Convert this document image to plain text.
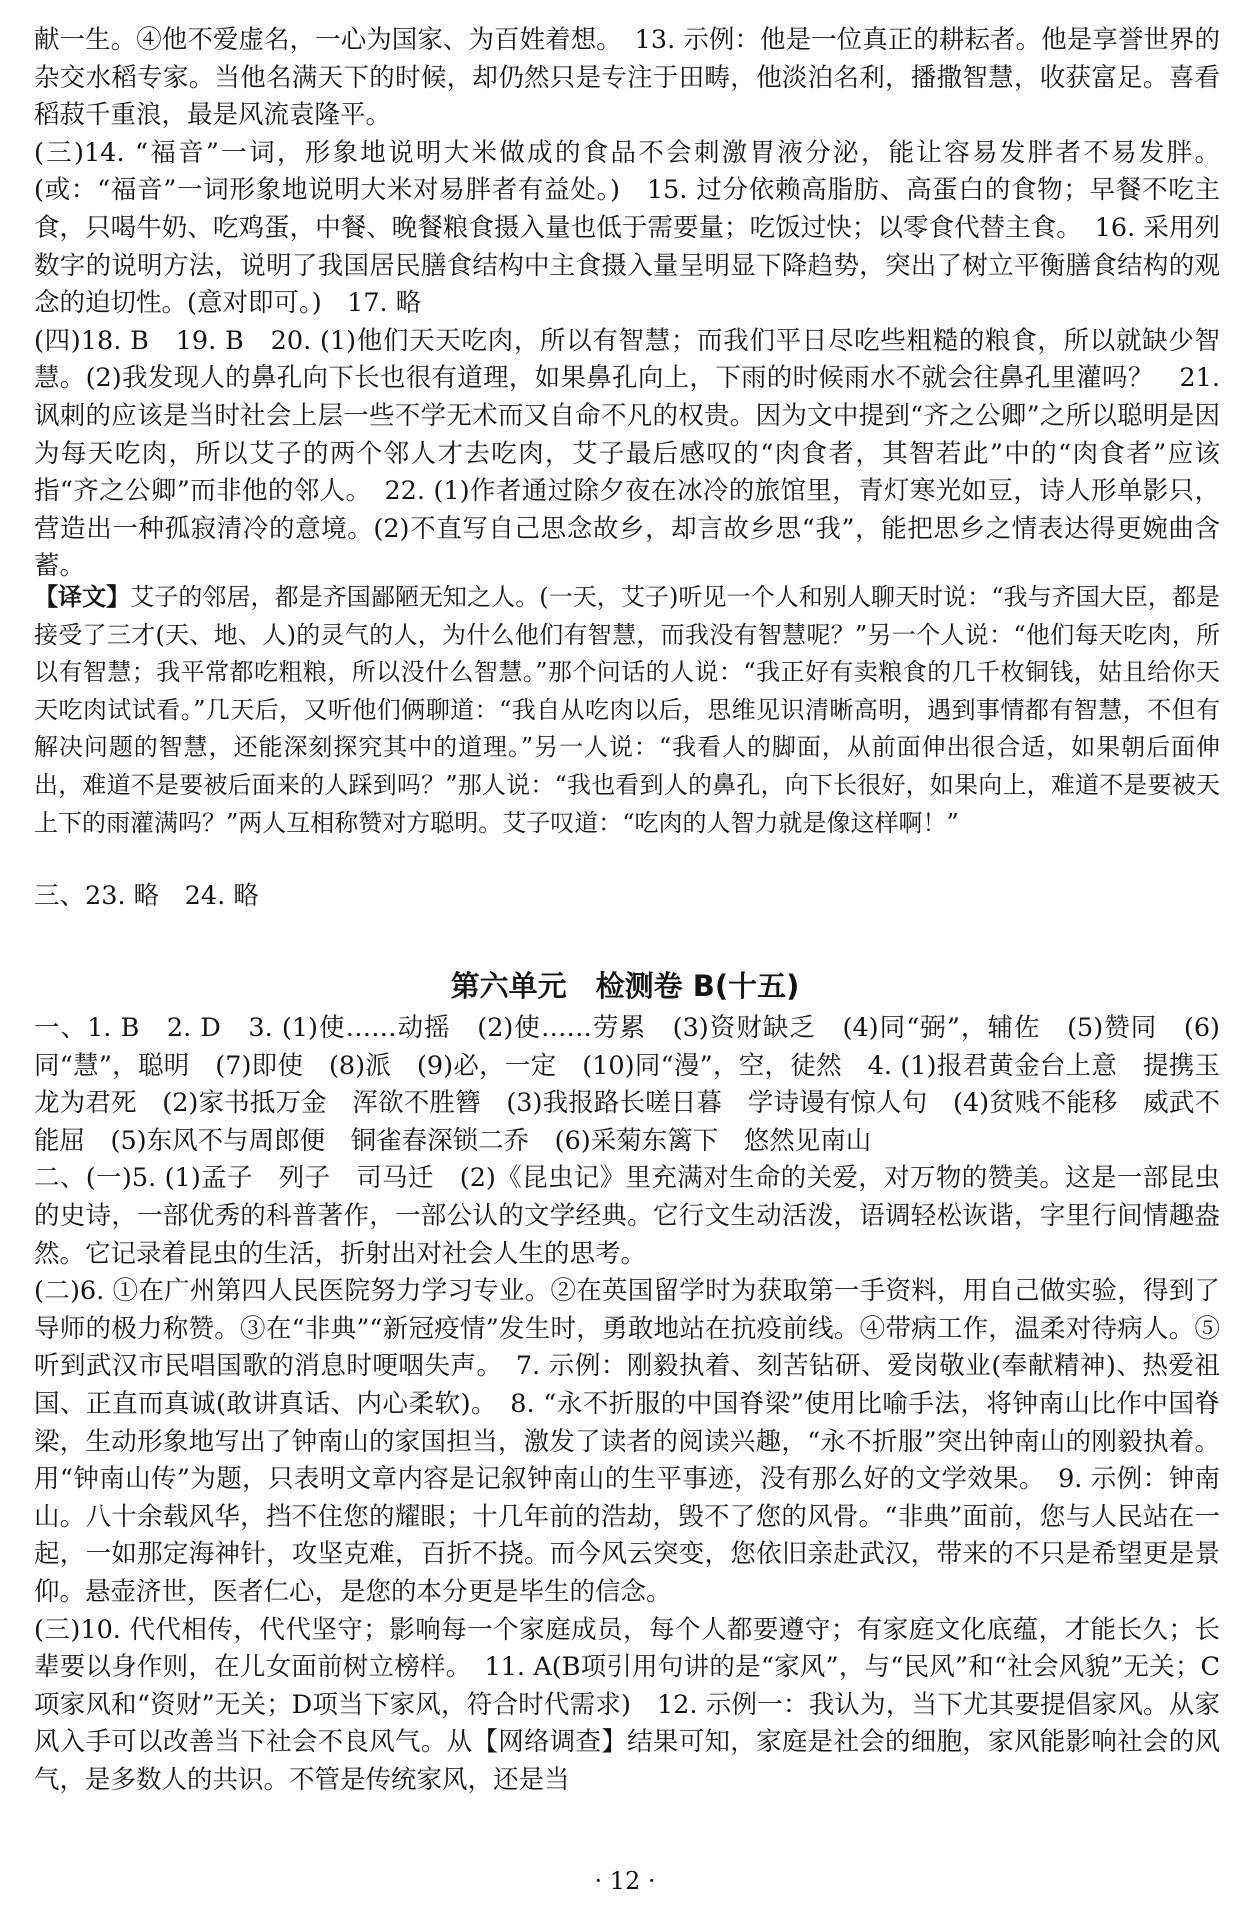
献一生。④他不爱虚名，一心为国家、为百姓着想。　13. 示例：他是一位真正的耕耘者。他是享誉世界的杂交水稻专家。当他名满天下的时候，却仍然只是专注于田畴，他淡泊名利，播撒智慧，收获富足。喜看稻菽千重浪，最是风流袁隆平。

(三)14. “福音”一词，形象地说明大米做成的食品不会刺激胃液分泌，能让容易发胖者不易发胖。(或：“福音”一词形象地说明大米对易胖者有益处。)　15. 过分依赖高脂肪、高蛋白的食物；早餐不吃主食，只喝牛奶、吃鸡蛋，中餐、晚餐粮食摄入量也低于需要量；吃饭过快；以零食代替主食。　16. 采用列数字的说明方法，说明了我国居民膳食结构中主食摄入量呈明显下降趋势，突出了树立平衡膳食结构的观念的迫切性。(意对即可。)　17. 略

(四)18. B　19. B　20. (1)他们天天吃肉，所以有智慧；而我们平日尽吃些粗糙的粮食，所以就缺少智慧。(2)我发现人的鼻孔向下长也很有道理，如果鼻孔向上，下雨的时候雨水不就会往鼻孔里灌吗？　21. 讽刺的应该是当时社会上层一些不学无术而又自命不凡的权贵。因为文中提到“齐之公卿”之所以聪明是因为每天吃肉，所以艾子的两个邻人才去吃肉，艾子最后感叹的“肉食者，其智若此”中的“肉食者”应该指“齐之公卿”而非他的邻人。　22. (1)作者通过除夕夜在冰冷的旅馆里，青灯寒光如豆，诗人形单影只，营造出一种孤寂清冷的意境。(2)不直写自己思念故乡，却言故乡思“我”，能把思乡之情表达得更婉曲含蓄。

【译文】艾子的邻居，都是齐国鄙陋无知之人。(一天，艾子)听见一个人和别人聊天时说：“我与齐国大臣，都是接受了三才(天、地、人)的灵气的人，为什么他们有智慧，而我没有智慧呢？”另一个人说：“他们每天吃肉，所以有智慧；我平常都吃粗粮，所以没什么智慧。”那个问话的人说：“我正好有卖粮食的几千枚铜钱，姑且给你天天吃肉试试看。”几天后，又听他们俩聊道：“我自从吃肉以后，思维见识清晰高明，遇到事情都有智慧，不但有解决问题的智慧，还能深刻探究其中的道理。”另一人说：“我看人的脚面，从前面伸出很合适，如果朝后面伸出，难道不是要被后面来的人踩到吗？”那人说：“我也看到人的鼻孔，向下长很好，如果向上，难道不是要被天上下的雨灌满吗？”两人互相称赞对方聪明。艾子叹道：“吃肉的人智力就是像这样啊！”

三、23. 略　24. 略

第六单元　检测卷 B(十五)

一、1. B　2. D　3. (1)使……动摇　(2)使……劳累　(3)资财缺乏　(4)同“弼”，辅佐　(5)赞同　(6)同“慧”，聪明　(7)即使　(8)派　(9)必，一定　(10)同“漫”，空，徒然　4. (1)报君黄金台上意　提携玉龙为君死　(2)家书抵万金　浑欲不胜簪　(3)我报路长嗟日暮　学诗谩有惊人句　(4)贫贱不能移　威武不能屈　(5)东风不与周郎便　铜雀春深锁二乔　(6)采菊东篱下　悠然见南山

二、(一)5. (1)孟子　列子　司马迁　(2)《昆虫记》里充满对生命的关爱，对万物的赞美。这是一部昆虫的史诗，一部优秀的科普著作，一部公认的文学经典。它行文生动活泼，语调轻松诙谐，字里行间情趣盎然。它记录着昆虫的生活，折射出对社会人生的思考。

(二)6. ①在广州第四人民医院努力学习专业。②在英国留学时为获取第一手资料，用自己做实验，得到了导师的极力称赞。③在“非典”“新冠疫情”发生时，勇敢地站在抗疫前线。④带病工作，温柔对待病人。⑤听到武汉市民唱国歌的消息时哽咽失声。　7. 示例：刚毅执着、刻苦钻研、爱岗敬业(奉献精神)、热爱祖国、正直而真诚(敢讲真话、内心柔软)。　8. “永不折服的中国脊梁”使用比喻手法，将钟南山比作中国脊梁，生动形象地写出了钟南山的家国担当，激发了读者的阅读兴趣，“永不折服”突出钟南山的刚毅执着。用“钟南山传”为题，只表明文章内容是记叙钟南山的生平事迹，没有那么好的文学效果。　9. 示例：钟南山。八十余载风华，挡不住您的耀眼；十几年前的浩劫，毁不了您的风骨。“非典”面前，您与人民站在一起，一如那定海神针，攻坚克难，百折不挠。而今风云突变，您依旧亲赴武汉，带来的不只是希望更是景仰。悬壶济世，医者仁心，是您的本分更是毕生的信念。

(三)10. 代代相传，代代坚守；影响每一个家庭成员，每个人都要遵守；有家庭文化底蕴，才能长久；长辈要以身作则，在儿女面前树立榜样。　11. A(B项引用句讲的是“家风”，与“民风”和“社会风貌”无关；C项家风和“资财”无关；D项当下家风，符合时代需求)　12. 示例一：我认为，当下尤其要提倡家风。从家风入手可以改善当下社会不良风气。从【网络调查】结果可知，家庭是社会的细胞，家风能影响社会的风气，是多数人的共识。不管是传统家风，还是当

· 12 ·
